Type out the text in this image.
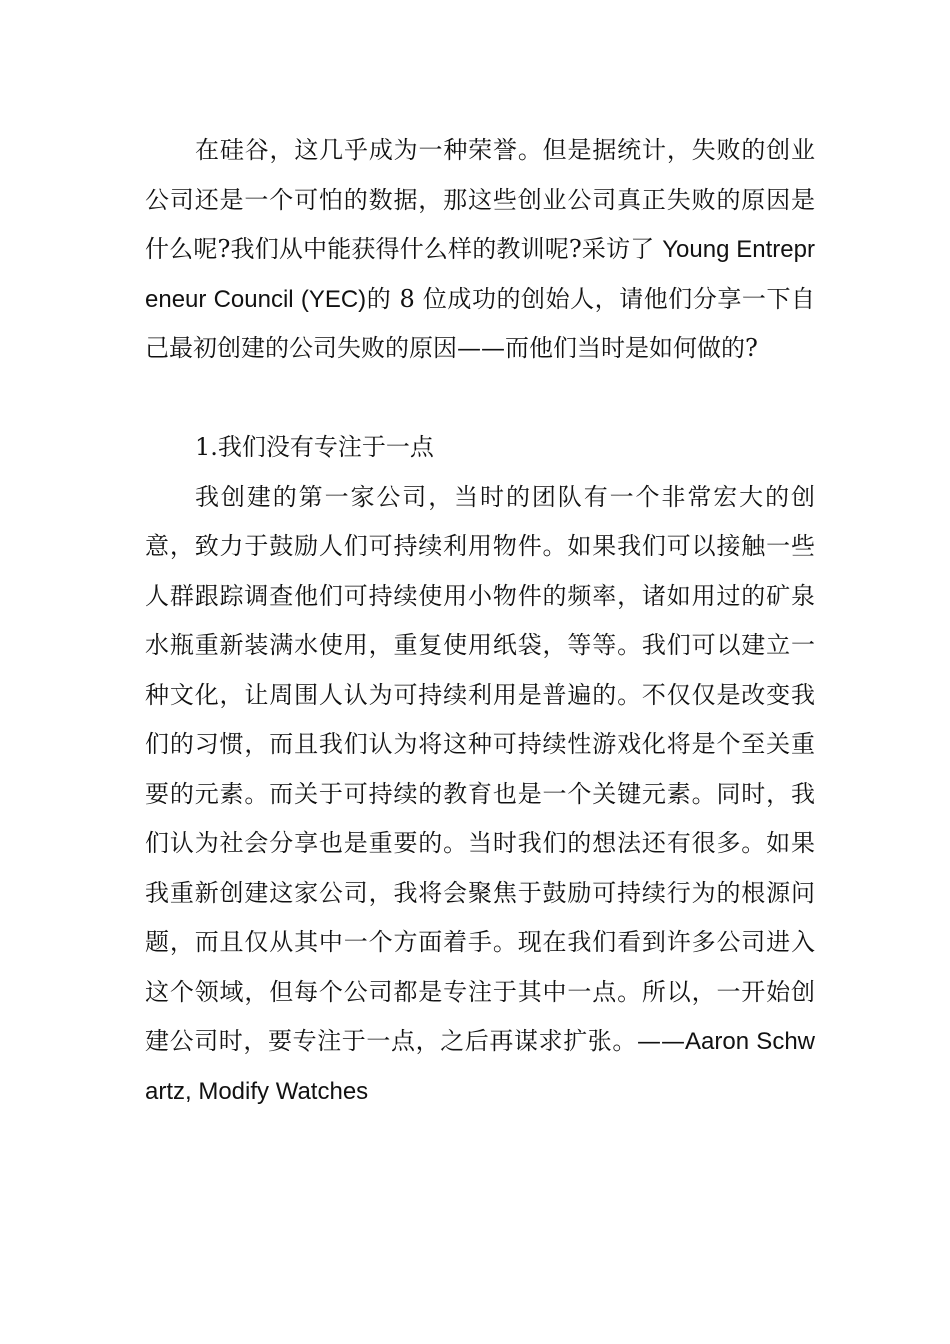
在硅谷，这几乎成为一种荣誉。但是据统计，失败的创业公司还是一个可怕的数据，那这些创业公司真正失败的原因是什么呢?我们从中能获得什么样的教训呢?采访了 Young Entrepreneur Council (YEC)的 8 位成功的创始人，请他们分享一下自己最初创建的公司失败的原因——而他们当时是如何做的?

1.我们没有专注于一点

我创建的第一家公司，当时的团队有一个非常宏大的创意，致力于鼓励人们可持续利用物件。如果我们可以接触一些人群跟踪调查他们可持续使用小物件的频率，诸如用过的矿泉水瓶重新装满水使用，重复使用纸袋，等等。我们可以建立一种文化，让周围人认为可持续利用是普遍的。不仅仅是改变我们的习惯，而且我们认为将这种可持续性游戏化将是个至关重要的元素。而关于可持续的教育也是一个关键元素。同时，我们认为社会分享也是重要的。当时我们的想法还有很多。如果我重新创建这家公司，我将会聚焦于鼓励可持续行为的根源问题，而且仅从其中一个方面着手。现在我们看到许多公司进入这个领域，但每个公司都是专注于其中一点。所以，一开始创建公司时，要专注于一点，之后再谋求扩张。——Aaron Schwartz, Modify Watches
